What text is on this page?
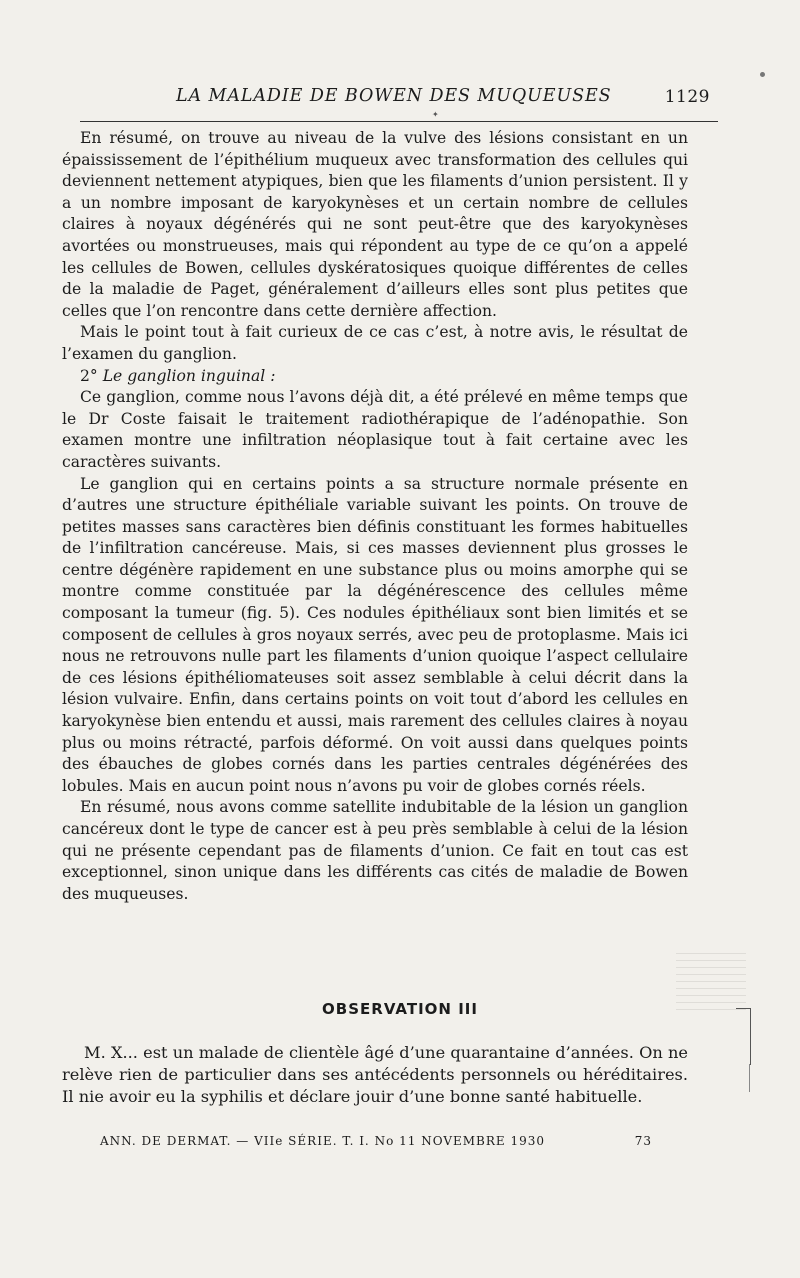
LA MALADIE DE BOWEN DES MUQUEUSES	1129
✦

En résumé, on trouve au niveau de la vulve des lésions consistant en un épaississement de l’épithélium muqueux avec transformation des cellules qui deviennent nettement atypiques, bien que les filaments d’union persistent. Il y a un nombre imposant de karyokynèses et un certain nombre de cellules claires à noyaux dégénérés qui ne sont peut-être que des karyokynèses avortées ou monstrueuses, mais qui répondent au type de ce qu’on a appelé les cellules de Bowen, cellules dyskératosiques quoique différentes de celles de la maladie de Paget, généralement d’ailleurs elles sont plus petites que celles que l’on rencontre dans cette dernière affection.

Mais le point tout à fait curieux de ce cas c’est, à notre avis, le résultat de l’examen du ganglion.

2° Le ganglion inguinal :

Ce ganglion, comme nous l’avons déjà dit, a été prélevé en même temps que le Dr Coste faisait le traitement radiothérapique de l’adénopathie. Son examen montre une infiltration néoplasique tout à fait certaine avec les caractères suivants.

Le ganglion qui en certains points a sa structure normale présente en d’autres une structure épithéliale variable suivant les points. On trouve de petites masses sans caractères bien définis constituant les formes habituelles de l’infiltration cancéreuse. Mais, si ces masses deviennent plus grosses le centre dégénère rapidement en une substance plus ou moins amorphe qui se montre comme constituée par la dégénérescence des cellules même composant la tumeur (fig. 5). Ces nodules épithéliaux sont bien limités et se composent de cellules à gros noyaux serrés, avec peu de protoplasme. Mais ici nous ne retrouvons nulle part les filaments d’union quoique l’aspect cellulaire de ces lésions épithéliomateuses soit assez semblable à celui décrit dans la lésion vulvaire. Enfin, dans certains points on voit tout d’abord les cellules en karyokynèse bien entendu et aussi, mais rarement des cellules claires à noyau plus ou moins rétracté, parfois déformé. On voit aussi dans quelques points des ébauches de globes cornés dans les parties centrales dégénérées des lobules. Mais en aucun point nous n’avons pu voir de globes cornés réels.

En résumé, nous avons comme satellite indubitable de la lésion un ganglion cancéreux dont le type de cancer est à peu près semblable à celui de la lésion qui ne présente cependant pas de filaments d’union. Ce fait en tout cas est exceptionnel, sinon unique dans les différents cas cités de maladie de Bowen des muqueuses.

OBSERVATION III

M. X... est un malade de clientèle âgé d’une quarantaine d’années. On ne relève rien de particulier dans ses antécédents personnels ou héréditaires. Il nie avoir eu la syphilis et déclare jouir d’une bonne santé habituelle.

ANN. DE DERMAT. — VIIe SÉRIE. T. I. No 11 NOVEMBRE 1930	73
